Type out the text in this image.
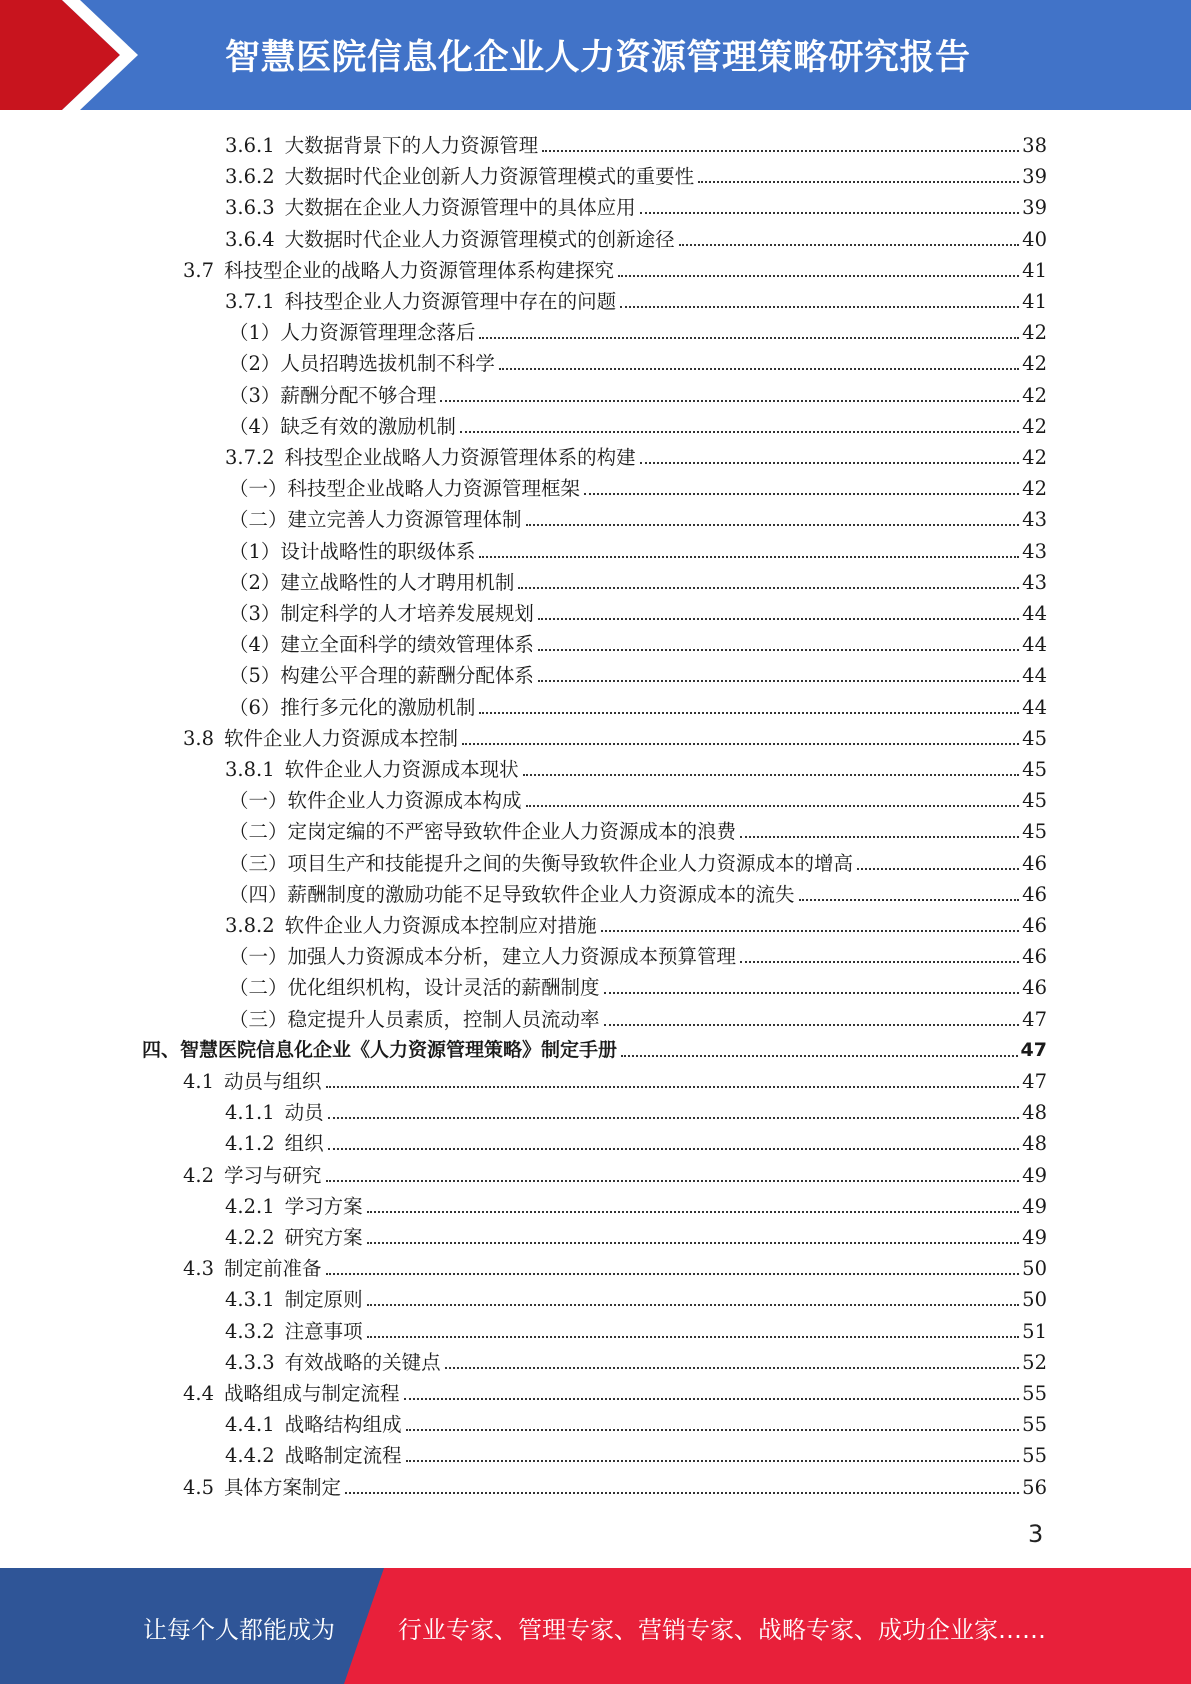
智慧医院信息化企业人力资源管理策略研究报告
3.6.1 大数据背景下的人力资源管理	38
3.6.2 大数据时代企业创新人力资源管理模式的重要性	39
3.6.3 大数据在企业人力资源管理中的具体应用	39
3.6.4 大数据时代企业人力资源管理模式的创新途径	40
3.7 科技型企业的战略人力资源管理体系构建探究	41
3.7.1 科技型企业人力资源管理中存在的问题	41
（1）人力资源管理理念落后	42
（2）人员招聘选拔机制不科学	42
（3）薪酬分配不够合理	42
（4）缺乏有效的激励机制	42
3.7.2 科技型企业战略人力资源管理体系的构建	42
（一）科技型企业战略人力资源管理框架	42
（二）建立完善人力资源管理体制	43
（1）设计战略性的职级体系	43
（2）建立战略性的人才聘用机制	43
（3）制定科学的人才培养发展规划	44
（4）建立全面科学的绩效管理体系	44
（5）构建公平合理的薪酬分配体系	44
（6）推行多元化的激励机制	44
3.8 软件企业人力资源成本控制	45
3.8.1 软件企业人力资源成本现状	45
（一）软件企业人力资源成本构成	45
（二）定岗定编的不严密导致软件企业人力资源成本的浪费	45
（三）项目生产和技能提升之间的失衡导致软件企业人力资源成本的增高	46
（四）薪酬制度的激励功能不足导致软件企业人力资源成本的流失	46
3.8.2 软件企业人力资源成本控制应对措施	46
（一）加强人力资源成本分析，建立人力资源成本预算管理	46
（二）优化组织机构，设计灵活的薪酬制度	46
（三）稳定提升人员素质，控制人员流动率	47
四、智慧医院信息化企业《人力资源管理策略》制定手册	47
4.1 动员与组织	47
4.1.1 动员	48
4.1.2 组织	48
4.2 学习与研究	49
4.2.1 学习方案	49
4.2.2 研究方案	49
4.3 制定前准备	50
4.3.1 制定原则	50
4.3.2 注意事项	51
4.3.3 有效战略的关键点	52
4.4 战略组成与制定流程	55
4.4.1 战略结构组成	55
4.4.2 战略制定流程	55
4.5 具体方案制定	56
3
让每个人都能成为	行业专家、管理专家、营销专家、战略专家、成功企业家……
